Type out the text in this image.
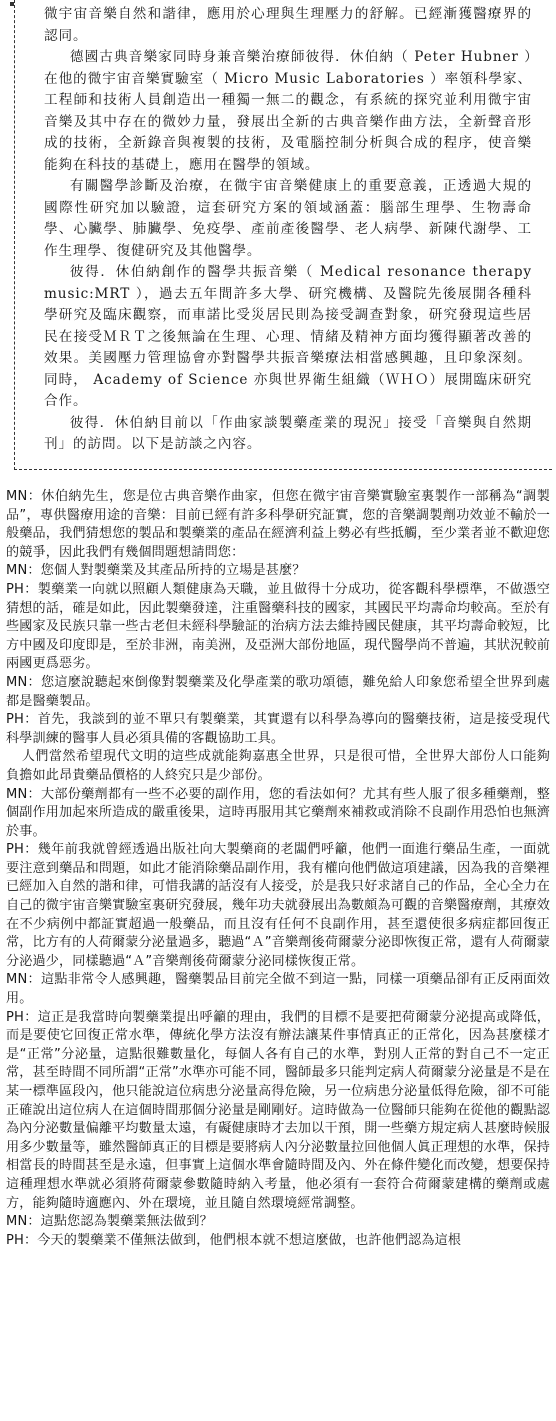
微宇宙音樂自然和諧律，應用於心理與生理壓力的舒解。已經漸獲醫療界的認同。

德國古典音樂家同時身兼音樂治療師彼得．休伯納（ Peter Hubner ）在他的微宇宙音樂實驗室（ Micro Music Laboratories ）率領科學家、工程師和技術人員創造出一種獨一無二的觀念，有系統的探究並利用微宇宙音樂及其中存在的微妙力量，發展出全新的古典音樂作曲方法，全新聲音形成的技術，全新錄音與複製的技術，及電腦控制分析與合成的程序，使音樂能夠在科技的基礎上，應用在醫學的領域。

有關醫學診斷及治療，在微宇宙音樂健康上的重要意義，正透過大規的國際性研究加以驗證，這套研究方案的領域涵蓋：腦部生理學、生物壽命學、心臟學、肺臟學、免疫學、產前產後醫學、老人病學、新陳代謝學、工作生理學、復健研究及其他醫學。

彼得．休伯納創作的醫學共振音樂（ Medical resonance therapy music:MRT ），過去五年間許多大學、研究機構、及醫院先後展開各種科學研究及臨床觀察，而車諾比受災居民則為接受調查對象，研究發現這些居民在接受ＭＲＴ之後無論在生理、心理、情緒及精神方面均獲得顯著改善的效果。美國壓力管理協會亦對醫學共振音樂療法相當感興趣，且印象深刻。同時， Academy of Science 亦與世界衛生組織（ＷＨＯ）展開臨床研究合作。

彼得．休伯納目前以「作曲家談製藥產業的現況」接受「音樂與自然期刊」的訪問。以下是訪談之內容。

MN：休伯納先生，您是位古典音樂作曲家，但您在微宇宙音樂實驗室裏製作一部稱為“調製品”，專供醫療用途的音樂：目前已經有許多科學研究証實，您的音樂調製劑功效並不輸於一般藥品，我們猜想您的製品和製藥業的產品在經濟利益上勢必有些抵觸，至少業者並不歡迎您的競爭，因此我們有幾個問題想請問您：

MN：您個人對製藥業及其產品所持的立場是甚麼？

PH：製藥業一向就以照顧人類健康為天職，並且做得十分成功，從客觀科學標準，不做憑空猜想的話，確是如此，因此製藥發達，注重醫藥科技的國家，其國民平均壽命均較高。至於有些國家及民族只靠一些古老但未經科學驗証的治病方法去維持國民健康，其平均壽命較短，比方中國及印度即是，至於非洲，南美洲，及亞洲大部份地區，現代醫學尚不普遍，其狀況較前兩國更爲惡劣。

MN：您這麼說聽起來倒像對製藥業及化學產業的歌功頌德，難免給人印象您希望全世界到處都是醫藥製品。

PH：首先，我談到的並不單只有製藥業，其實還有以科學為導向的醫藥技術，這是接受現代科學訓練的醫事人員必須具備的客觀協助工具。

人們當然希望現代文明的這些成就能夠嘉惠全世界，只是很可惜，全世界大部份人口能夠負擔如此昂貴藥品價格的人終究只是少部份。

MN：大部份藥劑都有一些不必要的副作用，您的看法如何？尤其有些人服了很多種藥劑，整個副作用加起來所造成的嚴重後果，這時再服用其它藥劑來補救或消除不良副作用恐怕也無濟於事。

PH：幾年前我就曾經透過出版社向大製藥商的老闆們呼籲，他們一面進行藥品生產，一面就要注意到藥品和問題，如此才能消除藥品副作用，我有權向他們做這項建議，因為我的音樂裡已經加入自然的諧和律，可惜我講的話沒有人接受，於是我只好求諸自己的作品，全心全力在自己的微宇宙音樂實驗室裏研究發展，幾年功夫就發展出為數頗為可觀的音樂醫療劑，其療效在不少病例中都証實超過一般藥品，而且沒有任何不良副作用，甚至還使很多病症都回復正常，比方有的人荷爾蒙分泌量過多，聽過“Ａ”音樂劑後荷爾蒙分泌即恢復正常，還有人荷爾蒙分泌過少，同樣聽過“Ａ”音樂劑後荷爾蒙分泌同樣恢復正常。

MN：這點非常令人感興趣，醫藥製品目前完全做不到這一點，同樣一項藥品卻有正反兩面效用。

PH：這正是我當時向製藥業提出呼籲的理由，我們的目標不是要把荷爾蒙分泌提高或降低，而是要使它回復正常水準，傳統化學方法沒有辦法讓某件事情真正的正常化，因為甚麼樣才是“正常”分泌量，這點很難數量化，每個人各有自己的水準，對別人正常的對自己不一定正常，甚至時間不同所謂“正常”水準亦可能不同，醫師最多只能判定病人荷爾蒙分泌量是不是在某一標準區段內，他只能說這位病患分泌量高得危險，另一位病患分泌量低得危險，卻不可能正確說出這位病人在這個時間那個分泌量是剛剛好。這時做為一位醫師只能夠在從他的觀點認為內分泌數量偏離平均數量太遠，有礙健康時才去加以干預，開一些藥方規定病人甚麼時候服用多少數量等，雖然醫師真正的目標是要將病人內分泌數量拉回他個人眞正理想的水準，保持相當長的時間甚至是永遠，但事實上這個水準會隨時間及內、外在條件變化而改變，想要保持這種理想水準就必須將荷爾蒙參數隨時納入考量，他必須有一套符合荷爾蒙建構的藥劑或處方，能夠隨時適應內、外在環境，並且隨自然環境經常調整。

MN：這點您認為製藥業無法做到？

PH：今天的製藥業不僅無法做到，他們根本就不想這麼做，也許他們認為這根
